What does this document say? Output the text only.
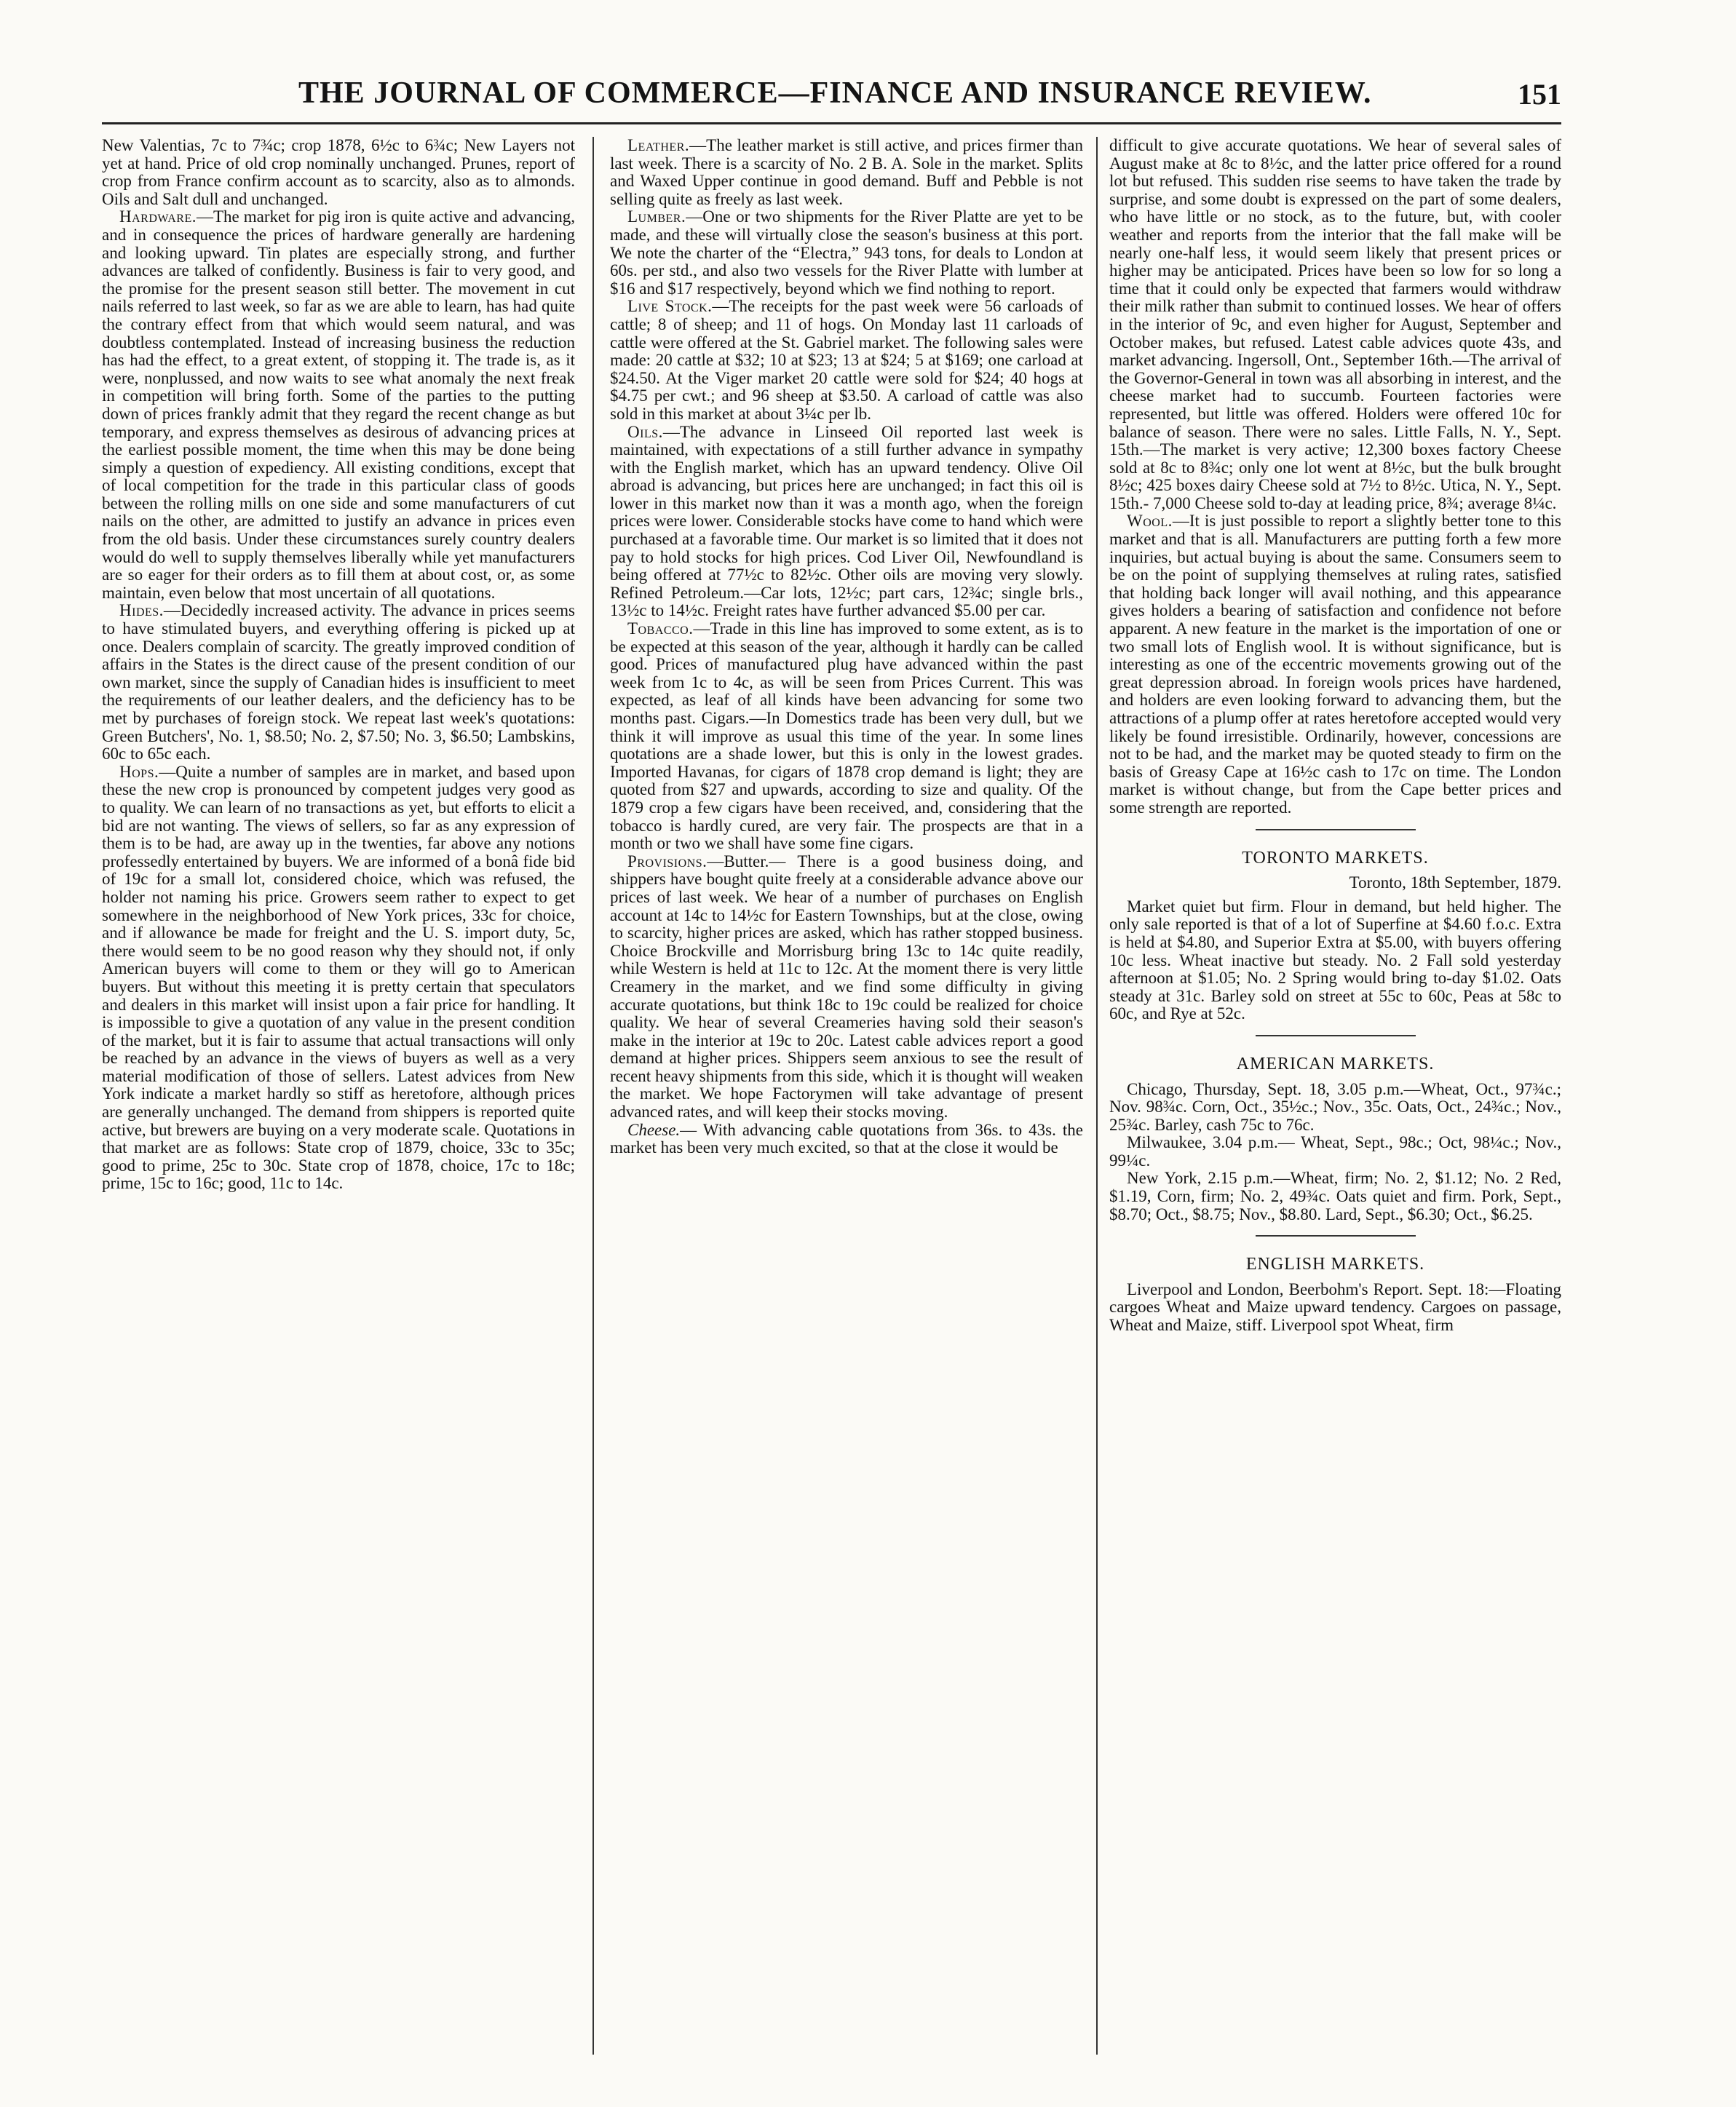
THE JOURNAL OF COMMERCE—FINANCE AND INSURANCE REVIEW.	151

New Valentias, 7c to 7¾c; crop 1878, 6½c to 6¾c; New Layers not yet at hand. Price of old crop nominally unchanged. Prunes, report of crop from France confirm account as to scarcity, also as to almonds. Oils and Salt dull and unchanged.

Hardware.—The market for pig iron is quite active and advancing, and in consequence the prices of hardware generally are hardening and looking upward. Tin plates are especially strong, and further advances are talked of confidently. Business is fair to very good, and the promise for the present season still better. The movement in cut nails referred to last week, so far as we are able to learn, has had quite the contrary effect from that which would seem natural, and was doubtless contemplated. Instead of increasing business the reduction has had the effect, to a great extent, of stopping it. The trade is, as it were, nonplussed, and now waits to see what anomaly the next freak in competition will bring forth. Some of the parties to the putting down of prices frankly admit that they regard the recent change as but temporary, and express themselves as desirous of advancing prices at the earliest possible moment, the time when this may be done being simply a question of expediency. All existing conditions, except that of local competition for the trade in this particular class of goods between the rolling mills on one side and some manufacturers of cut nails on the other, are admitted to justify an advance in prices even from the old basis. Under these circumstances surely country dealers would do well to supply themselves liberally while yet manufacturers are so eager for their orders as to fill them at about cost, or, as some maintain, even below that most uncertain of all quotations.

Hides.—Decidedly increased activity. The advance in prices seems to have stimulated buyers, and everything offering is picked up at once. Dealers complain of scarcity. The greatly improved condition of affairs in the States is the direct cause of the present condition of our own market, since the supply of Canadian hides is insufficient to meet the requirements of our leather dealers, and the deficiency has to be met by purchases of foreign stock. We repeat last week's quotations: Green Butchers', No. 1, $8.50; No. 2, $7.50; No. 3, $6.50; Lambskins, 60c to 65c each.

Hops.—Quite a number of samples are in market, and based upon these the new crop is pronounced by competent judges very good as to quality. We can learn of no transactions as yet, but efforts to elicit a bid are not wanting. The views of sellers, so far as any expression of them is to be had, are away up in the twenties, far above any notions professedly entertained by buyers. We are informed of a bonâ fide bid of 19c for a small lot, considered choice, which was refused, the holder not naming his price. Growers seem rather to expect to get somewhere in the neighborhood of New York prices, 33c for choice, and if allowance be made for freight and the U. S. import duty, 5c, there would seem to be no good reason why they should not, if only American buyers will come to them or they will go to American buyers. But without this meeting it is pretty certain that speculators and dealers in this market will insist upon a fair price for handling. It is impossible to give a quotation of any value in the present condition of the market, but it is fair to assume that actual transactions will only be reached by an advance in the views of buyers as well as a very material modification of those of sellers. Latest advices from New York indicate a market hardly so stiff as heretofore, although prices are generally unchanged. The demand from shippers is reported quite active, but brewers are buying on a very moderate scale. Quotations in that market are as follows: State crop of 1879, choice, 33c to 35c; good to prime, 25c to 30c. State crop of 1878, choice, 17c to 18c; prime, 15c to 16c; good, 11c to 14c.

Leather.—The leather market is still active, and prices firmer than last week. There is a scarcity of No. 2 B. A. Sole in the market. Splits and Waxed Upper continue in good demand. Buff and Pebble is not selling quite as freely as last week.

Lumber.—One or two shipments for the River Platte are yet to be made, and these will virtually close the season's business at this port. We note the charter of the “Electra,” 943 tons, for deals to London at 60s. per std., and also two vessels for the River Platte with lumber at $16 and $17 respectively, beyond which we find nothing to report.

Live Stock.—The receipts for the past week were 56 carloads of cattle; 8 of sheep; and 11 of hogs. On Monday last 11 carloads of cattle were offered at the St. Gabriel market. The following sales were made: 20 cattle at $32; 10 at $23; 13 at $24; 5 at $169; one carload at $24.50. At the Viger market 20 cattle were sold for $24; 40 hogs at $4.75 per cwt.; and 96 sheep at $3.50. A carload of cattle was also sold in this market at about 3¼c per lb.

Oils.—The advance in Linseed Oil reported last week is maintained, with expectations of a still further advance in sympathy with the English market, which has an upward tendency. Olive Oil abroad is advancing, but prices here are unchanged; in fact this oil is lower in this market now than it was a month ago, when the foreign prices were lower. Considerable stocks have come to hand which were purchased at a favorable time. Our market is so limited that it does not pay to hold stocks for high prices. Cod Liver Oil, Newfoundland is being offered at 77½c to 82½c. Other oils are moving very slowly. Refined Petroleum.—Car lots, 12½c; part cars, 12¾c; single brls., 13½c to 14½c. Freight rates have further advanced $5.00 per car.

Tobacco.—Trade in this line has improved to some extent, as is to be expected at this season of the year, although it hardly can be called good. Prices of manufactured plug have advanced within the past week from 1c to 4c, as will be seen from Prices Current. This was expected, as leaf of all kinds have been advancing for some two months past. Cigars.—In Domestics trade has been very dull, but we think it will improve as usual this time of the year. In some lines quotations are a shade lower, but this is only in the lowest grades. Imported Havanas, for cigars of 1878 crop demand is light; they are quoted from $27 and upwards, according to size and quality. Of the 1879 crop a few cigars have been received, and, considering that the tobacco is hardly cured, are very fair. The prospects are that in a month or two we shall have some fine cigars.

Provisions.—Butter.— There is a good business doing, and shippers have bought quite freely at a considerable advance above our prices of last week. We hear of a number of purchases on English account at 14c to 14½c for Eastern Townships, but at the close, owing to scarcity, higher prices are asked, which has rather stopped business. Choice Brockville and Morrisburg bring 13c to 14c quite readily, while Western is held at 11c to 12c. At the moment there is very little Creamery in the market, and we find some difficulty in giving accurate quotations, but think 18c to 19c could be realized for choice quality. We hear of several Creameries having sold their season's make in the interior at 19c to 20c. Latest cable advices report a good demand at higher prices. Shippers seem anxious to see the result of recent heavy shipments from this side, which it is thought will weaken the market. We hope Factorymen will take advantage of present advanced rates, and will keep their stocks moving.

Cheese.— With advancing cable quotations from 36s. to 43s. the market has been very much excited, so that at the close it would be

difficult to give accurate quotations. We hear of several sales of August make at 8c to 8½c, and the latter price offered for a round lot but refused. This sudden rise seems to have taken the trade by surprise, and some doubt is expressed on the part of some dealers, who have little or no stock, as to the future, but, with cooler weather and reports from the interior that the fall make will be nearly one-half less, it would seem likely that present prices or higher may be anticipated. Prices have been so low for so long a time that it could only be expected that farmers would withdraw their milk rather than submit to continued losses. We hear of offers in the interior of 9c, and even higher for August, September and October makes, but refused. Latest cable advices quote 43s, and market advancing. Ingersoll, Ont., September 16th.—The arrival of the Governor-General in town was all absorbing in interest, and the cheese market had to succumb. Fourteen factories were represented, but little was offered. Holders were offered 10c for balance of season. There were no sales. Little Falls, N. Y., Sept. 15th.—The market is very active; 12,300 boxes factory Cheese sold at 8c to 8¾c; only one lot went at 8½c, but the bulk brought 8½c; 425 boxes dairy Cheese sold at 7½ to 8½c. Utica, N. Y., Sept. 15th.- 7,000 Cheese sold to-day at leading price, 8¾; average 8¼c.

Wool.—It is just possible to report a slightly better tone to this market and that is all. Manufacturers are putting forth a few more inquiries, but actual buying is about the same. Consumers seem to be on the point of supplying themselves at ruling rates, satisfied that holding back longer will avail nothing, and this appearance gives holders a bearing of satisfaction and confidence not before apparent. A new feature in the market is the importation of one or two small lots of English wool. It is without significance, but is interesting as one of the eccentric movements growing out of the great depression abroad. In foreign wools prices have hardened, and holders are even looking forward to advancing them, but the attractions of a plump offer at rates heretofore accepted would very likely be found irresistible. Ordinarily, however, concessions are not to be had, and the market may be quoted steady to firm on the basis of Greasy Cape at 16½c cash to 17c on time. The London market is without change, but from the Cape better prices and some strength are reported.

TORONTO MARKETS.

Toronto, 18th September, 1879.

Market quiet but firm. Flour in demand, but held higher. The only sale reported is that of a lot of Superfine at $4.60 f.o.c. Extra is held at $4.80, and Superior Extra at $5.00, with buyers offering 10c less. Wheat inactive but steady. No. 2 Fall sold yesterday afternoon at $1.05; No. 2 Spring would bring to-day $1.02. Oats steady at 31c. Barley sold on street at 55c to 60c, Peas at 58c to 60c, and Rye at 52c.

AMERICAN MARKETS.

Chicago, Thursday, Sept. 18, 3.05 p.m.—Wheat, Oct., 97¾c.; Nov. 98¾c. Corn, Oct., 35½c.; Nov., 35c. Oats, Oct., 24¾c.; Nov., 25¾c. Barley, cash 75c to 76c.

Milwaukee, 3.04 p.m.— Wheat, Sept., 98c.; Oct, 98¼c.; Nov., 99¼c.

New York, 2.15 p.m.—Wheat, firm; No. 2, $1.12; No. 2 Red, $1.19, Corn, firm; No. 2, 49¾c. Oats quiet and firm. Pork, Sept., $8.70; Oct., $8.75; Nov., $8.80. Lard, Sept., $6.30; Oct., $6.25.

ENGLISH MARKETS.

Liverpool and London, Beerbohm's Report. Sept. 18:—Floating cargoes Wheat and Maize upward tendency. Cargoes on passage, Wheat and Maize, stiff. Liverpool spot Wheat, firm
